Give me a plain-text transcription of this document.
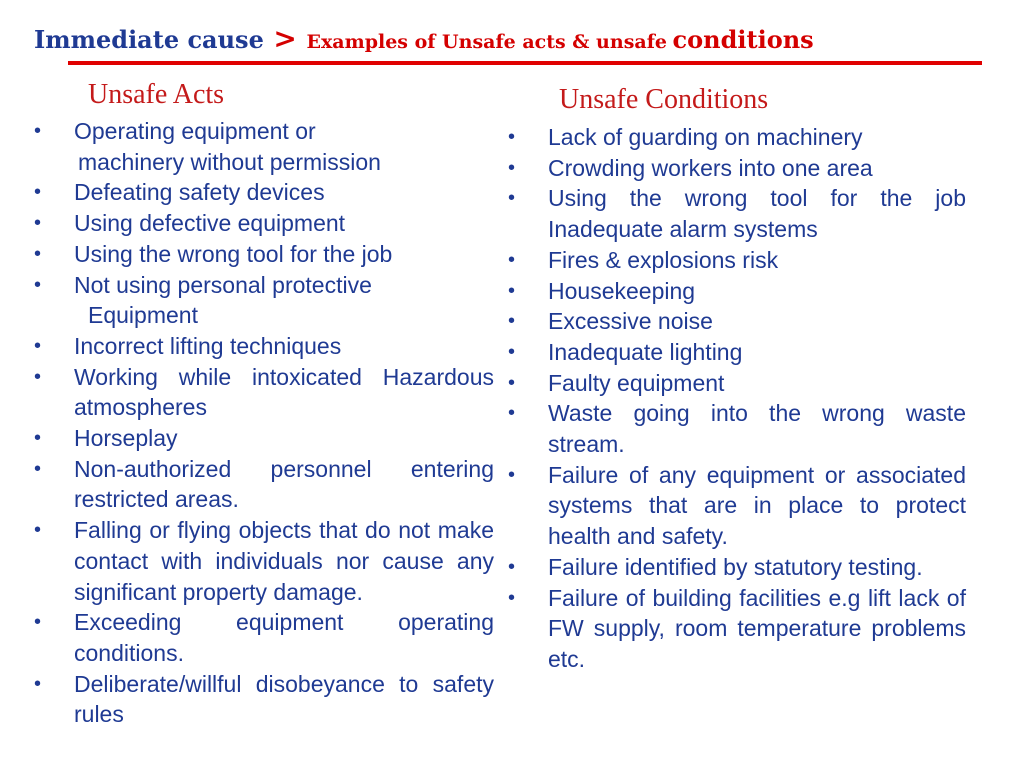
Immediate cause > Examples of Unsafe acts & unsafe conditions
Unsafe Acts	Unsafe Conditions
•	Operating equipment or
machinery without permission
•	Defeating safety devices
•	Using defective equipment
•	Using the wrong tool for the job
•	Not using personal protective
Equipment
•	Incorrect lifting techniques
•	Working while intoxicated Hazardous atmospheres
•	Horseplay
•	Non-authorized personnel entering restricted areas.
•	Falling or flying objects that do not make contact with individuals nor cause any significant property damage.
•	Exceeding equipment operating conditions.
•	Deliberate/willful disobeyance to safety rules
•	Lack of guarding on machinery
•	Crowding workers into one area
•	Using the wrong tool for the job Inadequate alarm systems
•	Fires & explosions risk
•	Housekeeping
•	Excessive noise
•	Inadequate lighting
•	Faulty equipment
•	Waste going into the wrong waste stream.
•	Failure of any equipment or associated systems that are in place to protect health and safety.
•	Failure identified by statutory testing.
•	Failure of building facilities e.g lift lack of FW supply, room temperature problems etc.
